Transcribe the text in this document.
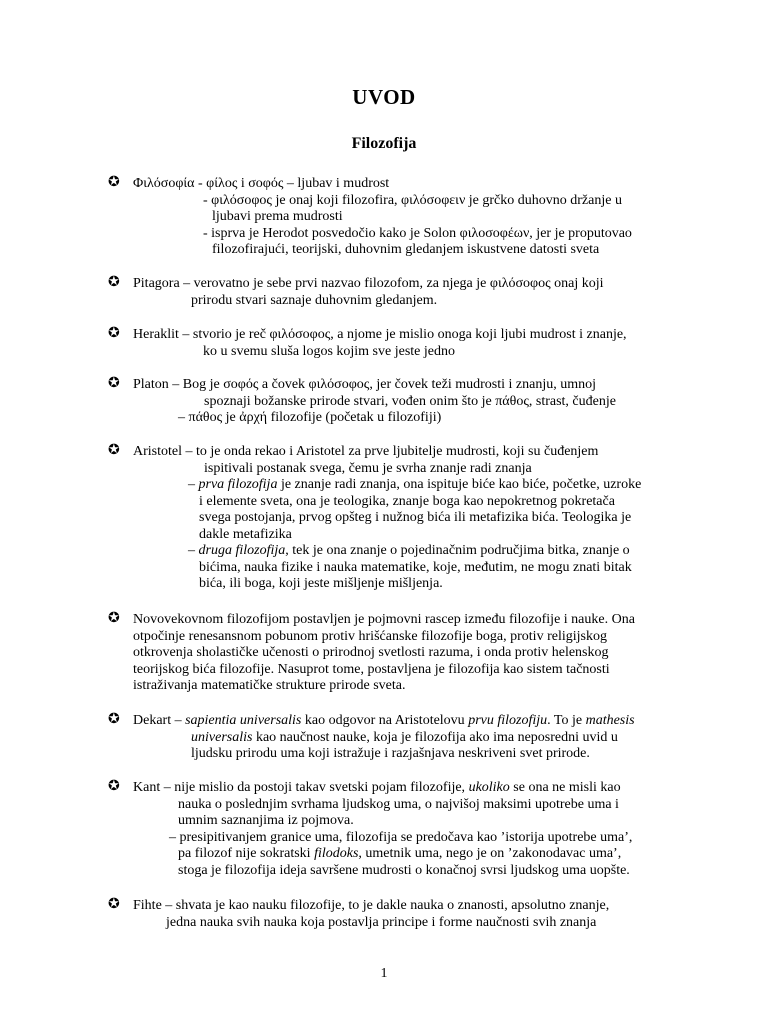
UVOD
Filozofija
✪ Φιλόσοφία - φίλος i σοφός – ljubav i mudrost

- φιλόσοφος je onaj koji filozofira, φιλόσοφειν je grčko duhovno držanje u

ljubavi prema mudrosti

- isprva je Herodot posvedočio kako je Solon φιλοσοφέων, jer je proputovao

filozofirajući, teorijski, duhovnim gledanjem iskustvene datosti sveta

✪ Pitagora – verovatno je sebe prvi nazvao filozofom, za njega je φιλόσοφος onaj koji

prirodu stvari saznaje duhovnim gledanjem.

✪ Heraklit – stvorio je reč φιλόσοφος, a njome je mislio onoga koji ljubi mudrost i znanje,

ko u svemu sluša logos kojim sve jeste jedno

✪ Platon – Bog je σοφός a čovek φιλόσοφος, jer čovek teži mudrosti i znanju, umnoj

spoznaji božanske prirode stvari, vođen onim što je πάθος, strast, čuđenje

– πάθος je ἀρχή filozofije (početak u filozofiji)

✪ Aristotel – to je onda rekao i Aristotel za prve ljubitelje mudrosti, koji su čuđenjem

ispitivali postanak svega, čemu je svrha znanje radi znanja

– prva filozofija je znanje radi znanja, ona ispituje biće kao biće, početke, uzroke

i elemente sveta, ona je teologika, znanje boga kao nepokretnog pokretača

svega postojanja, prvog opšteg i nužnog bića ili metafizika bića. Teologika je

dakle metafizika

– druga filozofija, tek je ona znanje o pojedinačnim područjima bitka, znanje o

bićima, nauka fizike i nauka matematike, koje, međutim, ne mogu znati bitak

bića, ili boga, koji jeste mišljenje mišljenja.

✪ Novovekovnom filozofijom postavljen je pojmovni rascep između filozofije i nauke. Ona

otpočinje renesansnom pobunom protiv hrišćanske filozofije boga, protiv religijskog

otkrovenja sholastičke učenosti o prirodnoj svetlosti razuma, i onda protiv helenskog

teorijskog bića filozofije. Nasuprot tome, postavljena je filozofija kao sistem tačnosti

istraživanja matematičke strukture prirode sveta.

✪ Dekart – sapientia universalis kao odgovor na Aristotelovu prvu filozofiju. To je mathesis

universalis kao naučnost nauke, koja je filozofija ako ima neposredni uvid u

ljudsku prirodu uma koji istražuje i razjašnjava neskriveni svet prirode.

✪ Kant – nije mislio da postoji takav svetski pojam filozofije, ukoliko se ona ne misli kao

nauka o poslednjim svrhama ljudskog uma, o najvišoj maksimi upotrebe uma i

umnim saznanjima iz pojmova.

– presipitivanjem granice uma, filozofija se predočava kao ’istorija upotrebe uma’,

pa filozof nije sokratski filodoks, umetnik uma, nego je on ’zakonodavac uma’,

stoga je filozofija ideja savršene mudrosti o konačnoj svrsi ljudskog uma uopšte.

✪ Fihte – shvata je kao nauku filozofije, to je dakle nauka o znanosti, apsolutno znanje,

jedna nauka svih nauka koja postavlja principe i forme naučnosti svih znanja

1
